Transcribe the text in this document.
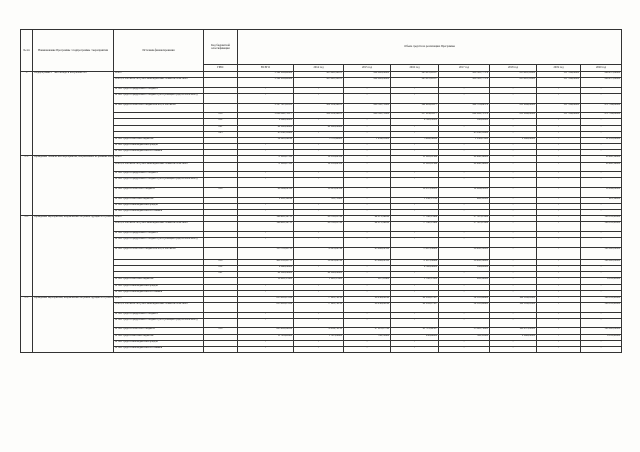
№ пп	Наименование Программы / подпрограммы / мероприятия	Источник финансирования	Код бюджетной классификации	Объем средств на реализацию Программы							
			ГРБС	ВСЕГО	2014 год	2015 год	2016 год	2017 год	2018 год	2019 год	2020 год
1.	Подпрограмма 1 "Чистая вода в Калужской обл"	Всего		3 162 262,68066	455 695,30123	209 000,00000	365 915,95837	938 565,77376	253 903,33000	151 764,00000	984 417,00000
		Всего, в том числе без учета межбюджетных объектов областного		3 162 262,68066	455 695,30123	209 000,00000	365 915,95837	938 565,77376	253 903,33000	151 764,00000	984 417,00000
		за счет средств федерального бюджета		-	-	-	-	-	-	-	-
		за счет средств федерального бюджета (поступающих средств областного)		-	-	-	-	-	-	-	-
		за счет средств областного бюджета всего, в том числе:		3 127 597,25831	452 124,36123	208 345,75000	362 416,83477	929 551,66376	251 264,00000	151 764,00000	971 764,00000
			810	3 288 808,71677	410 124,36123	208 345,75000	357 914,83477	829 082,75376	251 264,00000	151 764,00000	971 764,00000
			812	4 698,00000	-	-	4 500,00000	198,00000	-	-	-
			821	42 000,00000	42 000,00000	-	-	-	-	-	-
			843	93 858,53000	-	-	-	93 858,53000	-	-	-
		за счет средств местных бюджетов		34 665,26194	3 551,40000	1 454,25000	3 499,26994	1 058,07000	2 642,00000	-	12 653,00000
		за счет средств внебюджетных фондов		-	-	-	-	-	-	-	-
		за счет средств внебюджетных источников		-	-	-	-	-	-	-	-
2.1.	Проведение технических мероприятий, направленных на решение вопр	Всего		71 093,87530	19 185,60316	-	11 093,21394	20 488,16000	-	-	20 400,14000
		Всего, в том числе без учета межбюджетных объектов областного		71 093,87530	19 185,60316	-	11 093,21394	20 488,16000	-	-	20 400,14000
		за счет средств федерального бюджета		-	-	-	-	-	-	-	-
		за счет средств федерального бюджета (поступающих средств областного)		-	-	-	-	-	-	-	-
		за счет средств областного бюджета	810	68 864,89530	18 801,89316	-	10 057,00000	19 999,00000	-	-	19 999,00000
		за счет средств местных бюджетов		2 228,18194	383,71000	-	1 036,17194	406,30000	-	-	401,14000
		за счет средств внебюджетных фондов		-	-	-	-	-	-	-	-
		за счет средств внебюджетных источников		-	-	-	-	-	-	-	-
2.2.	Проведение мероприятий, направленных на реконструкцию и строител	Всего		546 495,10753	88 333,21749	44 073,59938	77 338,37666	37 587,27000	-	-	306 122,43000
		Всего, в том числе без учета межбюджетных объектов областного		546 495,10753	88 333,21749	44 073,59938	77 338,37666	37 587,27000	-	-	306 122,43000
		за счет средств федерального бюджета		-	-	-	-	-	-	-	-
		за счет средств федерального бюджета (поступающих средств областного)		-	-	-	-	-	-	-	-
		за счет средств областного бюджета всего, в том числе:		535 531,93753	78 823,66749	43 986,04338	75 987,06666	36 443,58000	-	-	300 000,00000
			810	488 833,93753	36 823,66749	43 986,04338	71 487,06666	36 443,58000	-	-	300 000,00000
			812	4 698,00000	-	-	4 500,00000	198,00000	-	-	-
			821	42 000,00000	42 000,00000	-	-	-	-	-	-
		за счет средств местных бюджетов		10 963,17000	1 610,57000	087,55600	1 550,37000	941,59000	-	-	6 122,43000
		за счет средств внебюджетных фондов		-	-	-	-	-	-	-	-
		за счет средств внебюджетных источников		-	-	-	-	-	-	-	-
2.3.	Проведение мероприятий, направленных на реконструкцию и строител	Всего		615 985,87856	77 691,78158	28 238,02142	42 652,27397	54 195,92400	102 109,81000	-	306 122,43000
		Всего, в том числе без учета межбюджетных объектов областного		615 985,87856	77 691,78158	28 238,02142	42 652,27397	54 195,92400	102 109,81000	-	306 122,43000
		за счет средств федерального бюджета		-	-	-	-	-	-	-	-
		за счет средств федерального бюджета (поступающих средств областного)		-	-	-	-	-	-	-	-
		за счет средств областного бюджета	810	603 482,24856	76 294,70158	27 670,27742	41 721,48397	53 893,76400	100 957,02000	-	300 000,00000
		за счет средств местных бюджетов		11 503,63000	1 397,08000	556,78000	930,64000	306,15000	2 642,00000	-	6 122,43000
		за счет средств внебюджетных фондов		-	-	-	-	-	-	-	-
		за счет средств внебюджетных источников		-	-	-	-	-	-	-	-
